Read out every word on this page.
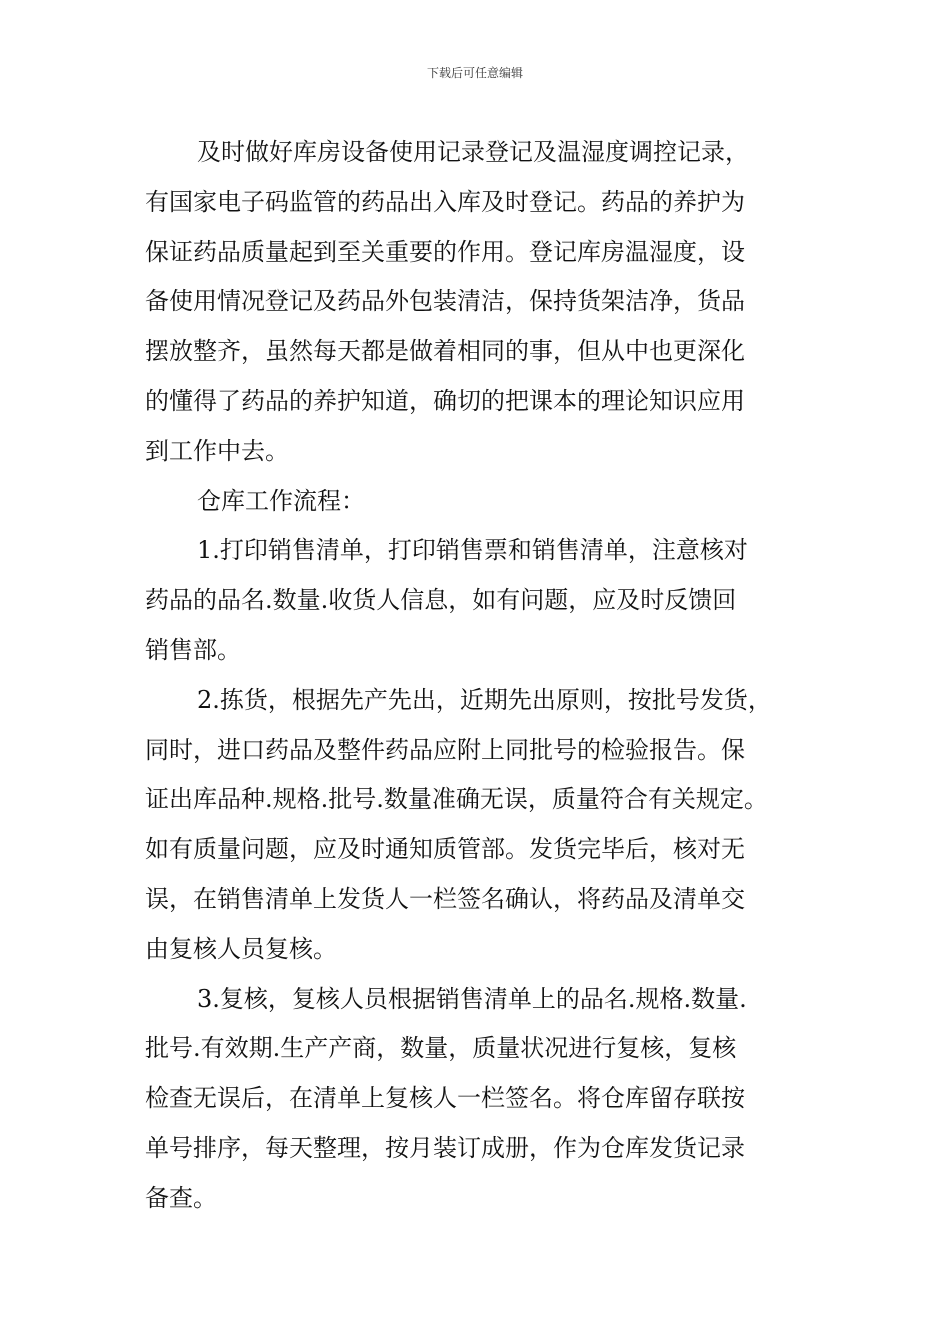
下载后可任意编辑
及时做好库房设备使用记录登记及温湿度调控记录，
有国家电子码监管的药品出入库及时登记。药品的养护为
保证药品质量起到至关重要的作用。登记库房温湿度，设
备使用情况登记及药品外包装清洁，保持货架洁净，货品
摆放整齐，虽然每天都是做着相同的事，但从中也更深化
的懂得了药品的养护知道，确切的把课本的理论知识应用
到工作中去。
仓库工作流程：
1.打印销售清单，打印销售票和销售清单，注意核对
药品的品名.数量.收货人信息，如有问题，应及时反馈回
销售部。
2.拣货，根据先产先出，近期先出原则，按批号发货，
同时，进口药品及整件药品应附上同批号的检验报告。保
证出库品种.规格.批号.数量准确无误，质量符合有关规定。
如有质量问题，应及时通知质管部。发货完毕后，核对无
误，在销售清单上发货人一栏签名确认，将药品及清单交
由复核人员复核。
3.复核，复核人员根据销售清单上的品名.规格.数量.
批号.有效期.生产产商，数量，质量状况进行复核，复核
检查无误后，在清单上复核人一栏签名。将仓库留存联按
单号排序，每天整理，按月装订成册，作为仓库发货记录
备查。
